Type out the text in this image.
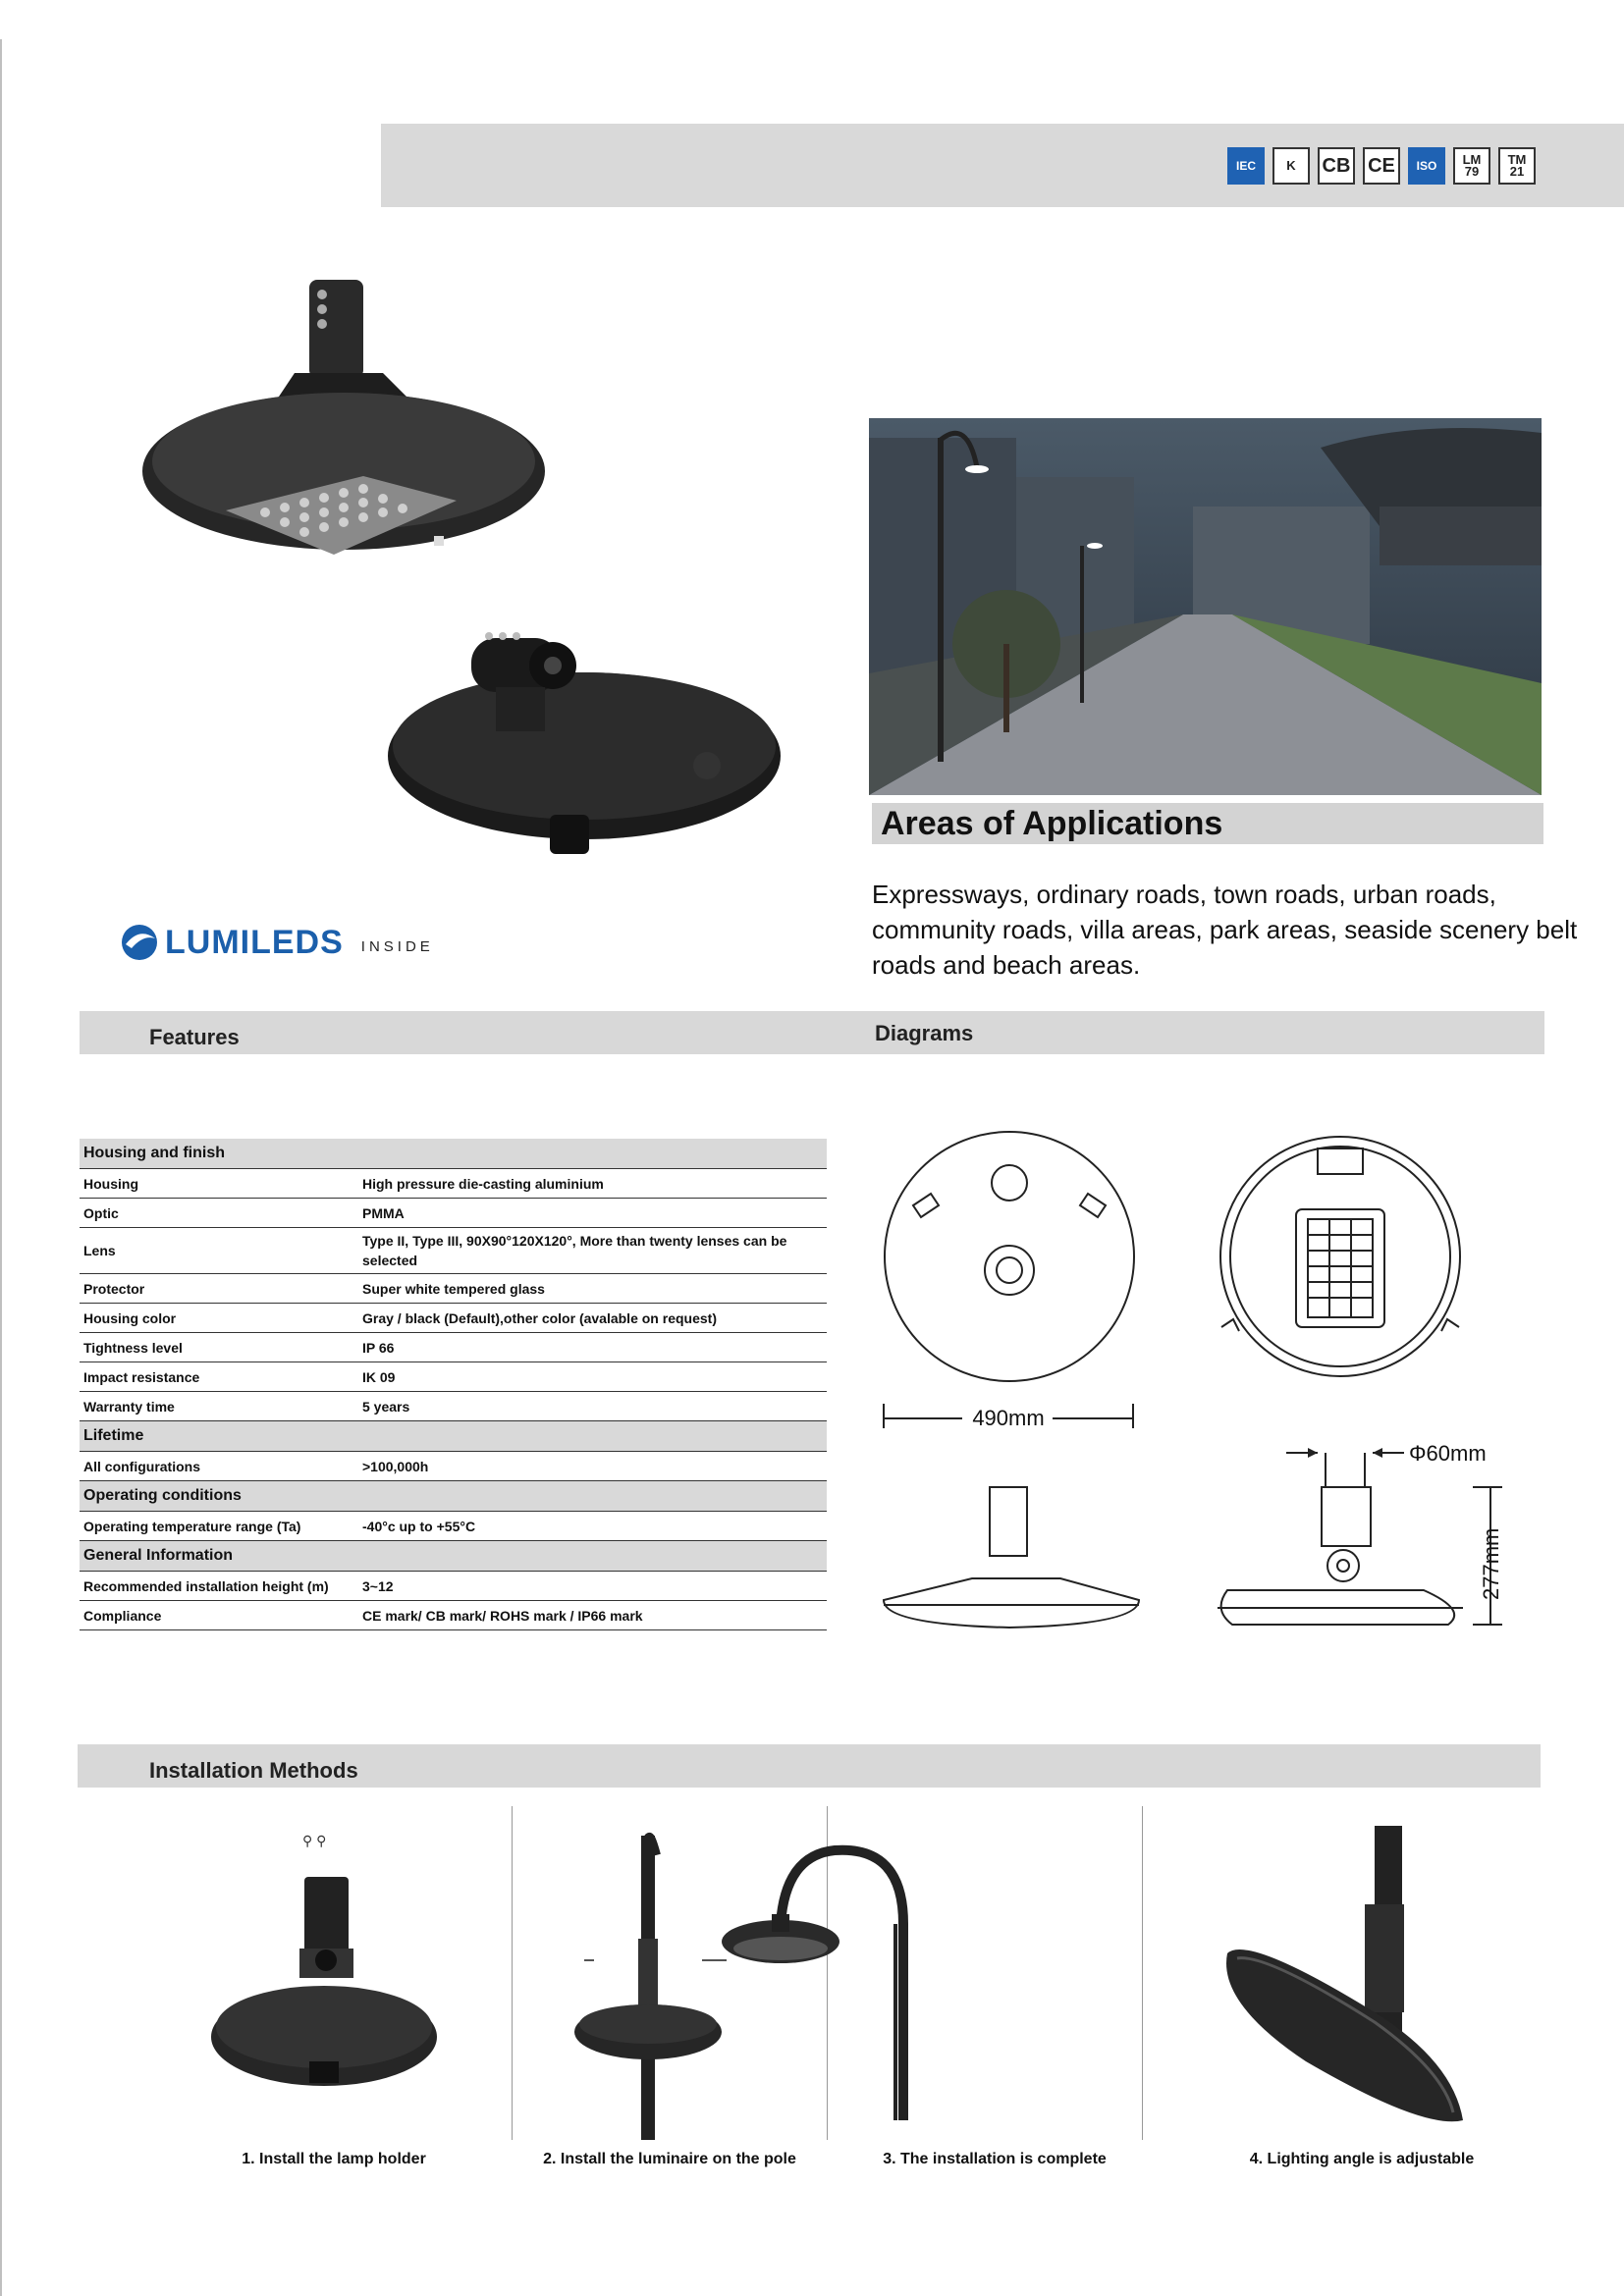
IEC	K	CB CE	ISO	LM 79
TM 21
LUMILEDS INSIDE
Areas of Applications
Expressways, ordinary roads, town roads, urban roads, community roads, villa areas, park areas, seaside scenery belt roads and beach areas.
Features	Diagrams
Housing and finish	
Housing	High pressure die-casting aluminium
Optic	PMMA
Lens	Type II, Type III, 90X90°120X120°, More than twenty lenses can be selected
Protector	Super white tempered glass
Housing color	Gray / black (Default),other color (avalable on request)
Tightness level	IP 66
Impact resistance	IK 09
Warranty time	5 years
Lifetime	
All configurations	>100,000h
Operating conditions	
Operating temperature range (Ta)	-40°c up to +55°C
General Information	
Recommended installation height (m)	3~12
Compliance	CE mark/ CB mark/ ROHS mark / IP66 mark
490mm
Φ60mm
277mm
Installation Methods
⚲ ⚲
1. Install the lamp holder	2. Install the luminaire on the pole	3. The installation is complete	4. Lighting angle is adjustable
